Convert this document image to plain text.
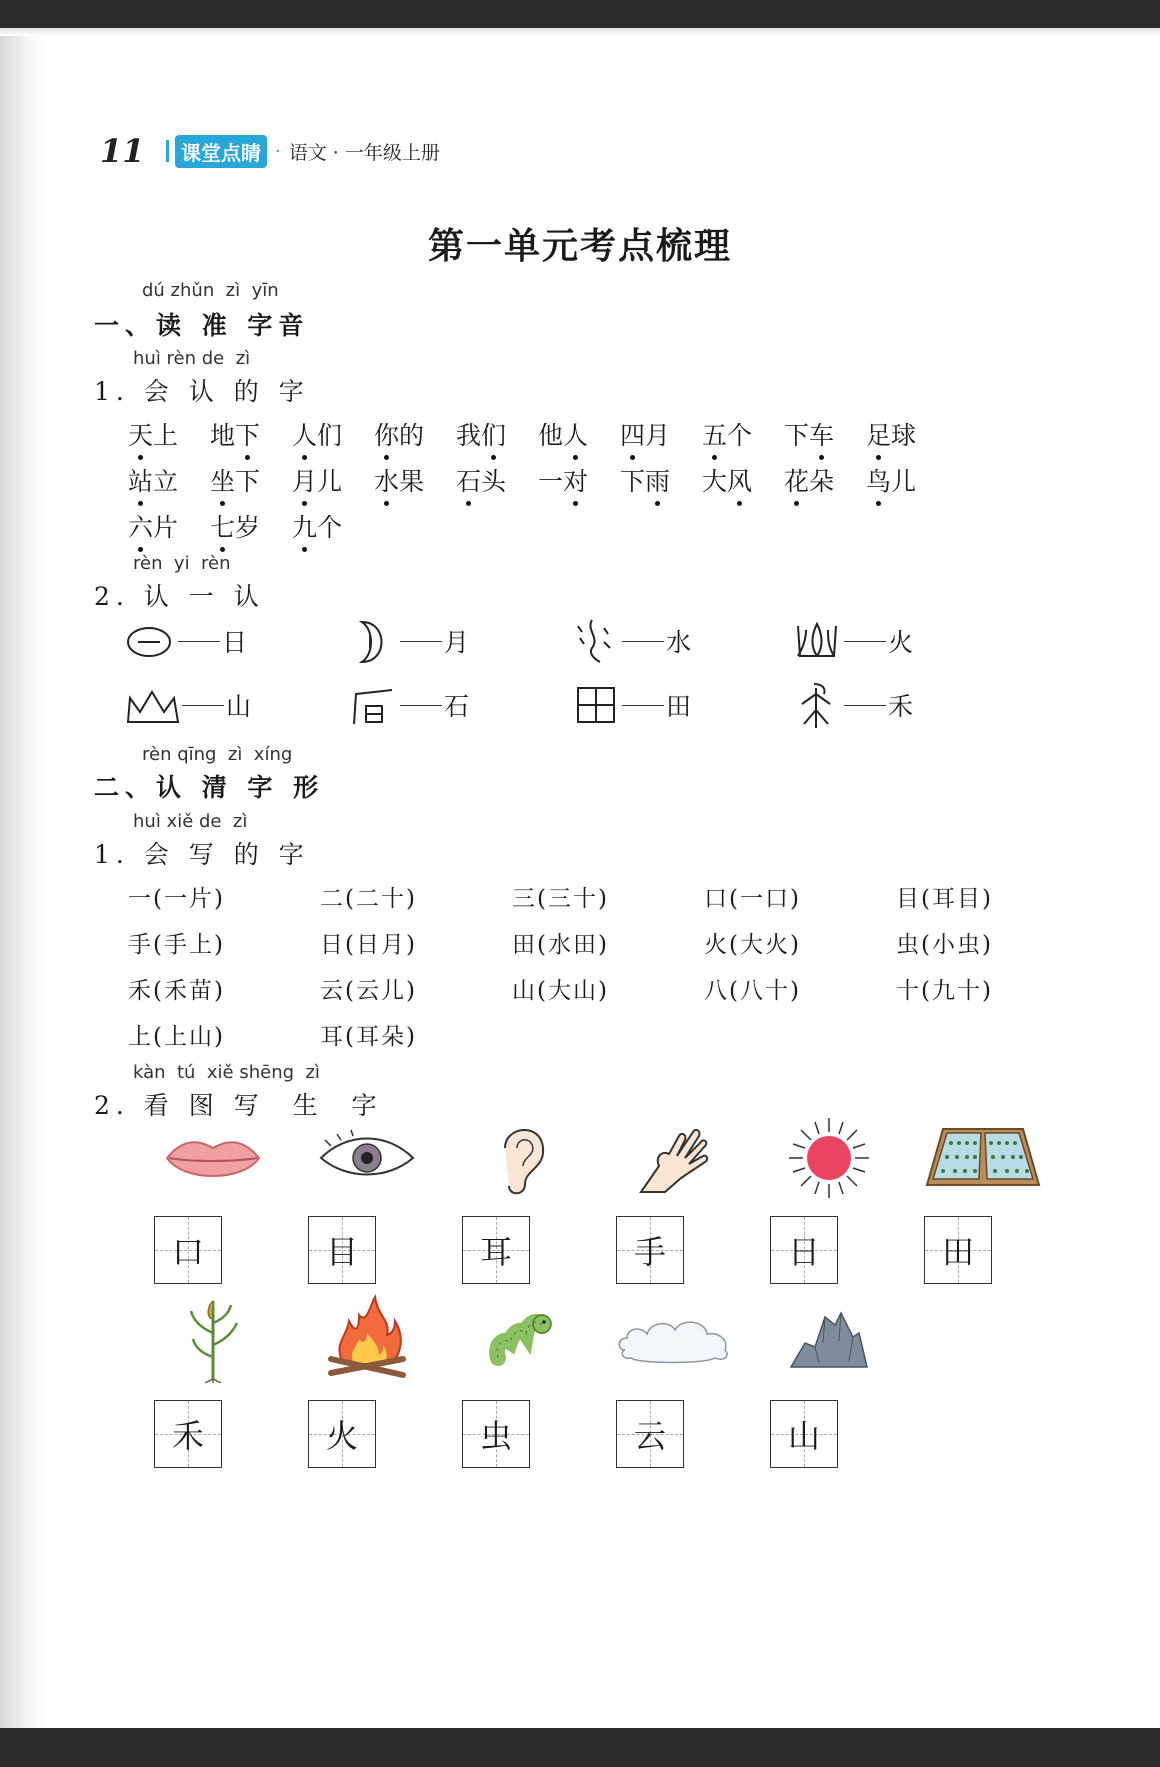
11	课堂点睛 · 语文 · 一年级上册
第一单元考点梳理
dú zhǔn  zì  yīn
一、读 准 字音
huì rèn de  zì
1. 会 认 的 字
天上	地下	人们	你的	我们	他人	四月	五个	下车	足球
站立	坐下	月儿	水果	石头	一对	下雨	大风	花朵	鸟儿
六片	七岁	九个
rèn  yi  rèn
2. 认 一 认
日	月	水	火
山	石	田	禾
rèn qīng  zì  xíng
二、认 清 字 形
huì xiě de  zì
1. 会 写 的 字
一(一片)	二(二十)	三(三十)	口(一口)	目(耳目)
手(手上)	日(日月)	田(水田)	火(大火)	虫(小虫)
禾(禾苗)	云(云儿)	山(大山)	八(八十)	十(九十)
上(上山)	耳(耳朵)
kàn  tú  xiě shēng  zì
2. 看 图 写  生  字
口	目	耳	手	日	田
禾	火	虫	云	山
